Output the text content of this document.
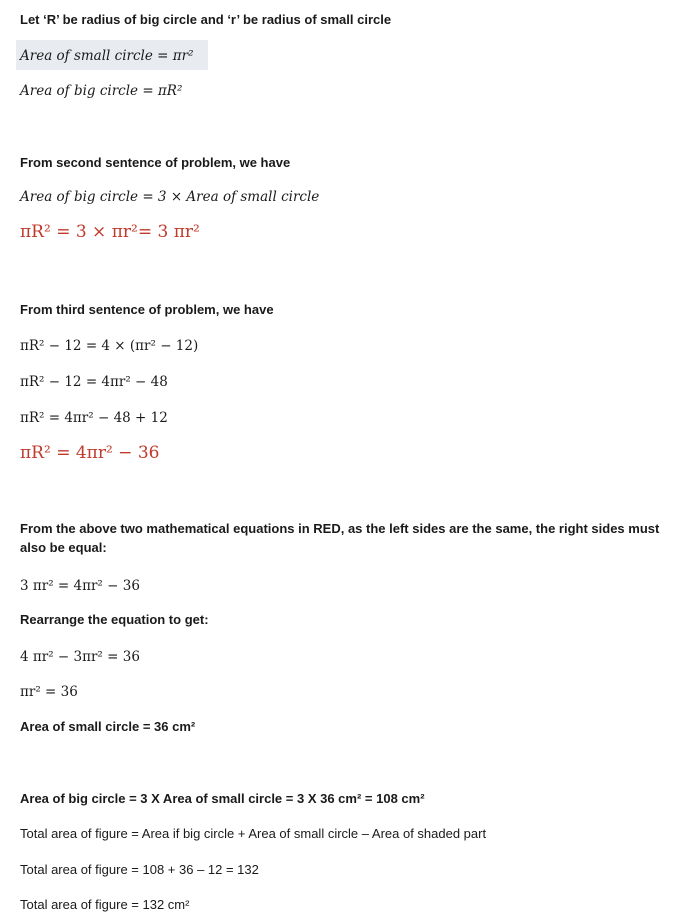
Let ‘R’ be radius of big circle and ‘r’ be radius of small circle
Area of small circle = πr²
Area of big circle = πR²
From second sentence of problem, we have
Area of big circle = 3 × Area of small circle
πR² = 3 × πr²= 3 πr²
From third sentence of problem, we have
πR² − 12 = 4 × (πr² − 12)
πR² − 12 = 4πr² − 48
πR² = 4πr² − 48 + 12
πR² = 4πr² − 36
From the above two mathematical equations in RED, as the left sides are the same, the right sides must also be equal:
3 πr² = 4πr² − 36
Rearrange the equation to get:
4 πr² − 3πr² = 36
πr² = 36
Area of small circle = 36 cm²
Area of big circle = 3 X Area of small circle = 3 X 36 cm² = 108 cm²
Total area of figure = Area if big circle + Area of small circle – Area of shaded part
Total area of figure = 108 + 36 – 12 = 132
Total area of figure = 132 cm²
